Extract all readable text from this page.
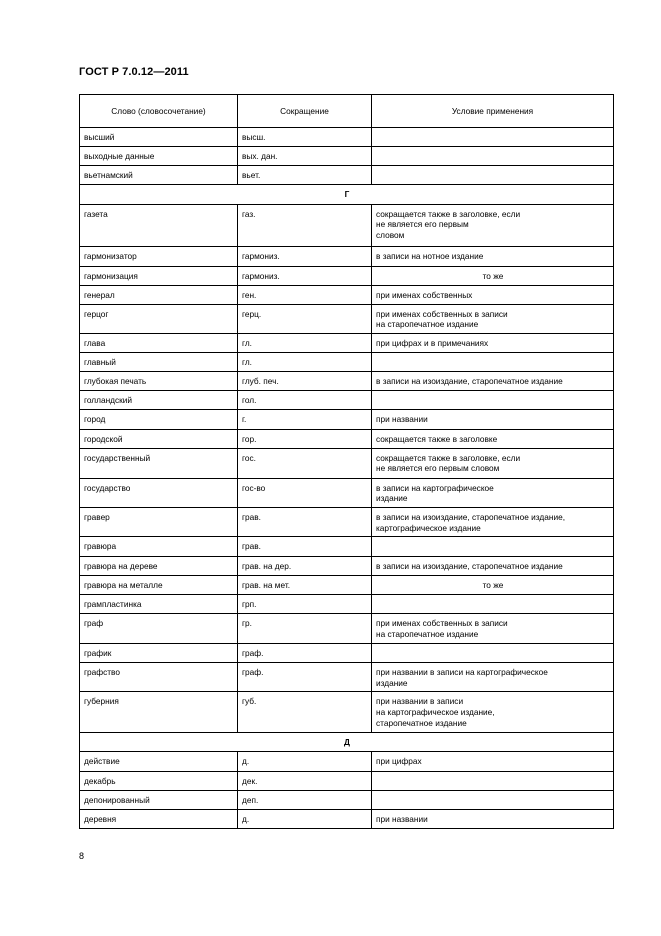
ГОСТ Р 7.0.12—2011
Слово (словосочетание)	Сокращение	Условие применения
высший	высш.	
выходные данные	вых. дан.	
вьетнамский	вьет.	
Г		
газета	газ.	сокращается также в заголовке, если
не является его первым
словом
гармонизатор	гармониз.	в записи на нотное издание
гармонизация	гармониз.	то же
генерал	ген.	при именах собственных
герцог	герц.	при именах собственных в записи
на старопечатное издание
глава	гл.	при цифрах и в примечаниях
главный	гл.	
глубокая печать	глуб. печ.	в записи на изоиздание, старопечатное издание
голландский	гол.	
город	г.	при названии
городской	гор.	сокращается также в заголовке
государственный	гос.	сокращается также в заголовке, если
не является его первым словом
государство	гос-во	в записи на картографическое
издание
гравер	грав.	в записи на изоиздание, старопечатное издание,
картографическое издание
гравюра	грав.	
гравюра на дереве	грав. на дер.	в записи на изоиздание, старопечатное издание
гравюра на металле	грав. на мет.	то же
грампластинка	грп.	
граф	гр.	при именах собственных в записи
на старопечатное издание
график	граф.	
графство	граф.	при названии в записи на картографическое
издание
губерния	губ.	при названии в записи
на картографическое издание,
старопечатное издание
Д		
действие	д.	при цифрах
декабрь	дек.	
депонированный	деп.	
деревня	д.	при названии
8
